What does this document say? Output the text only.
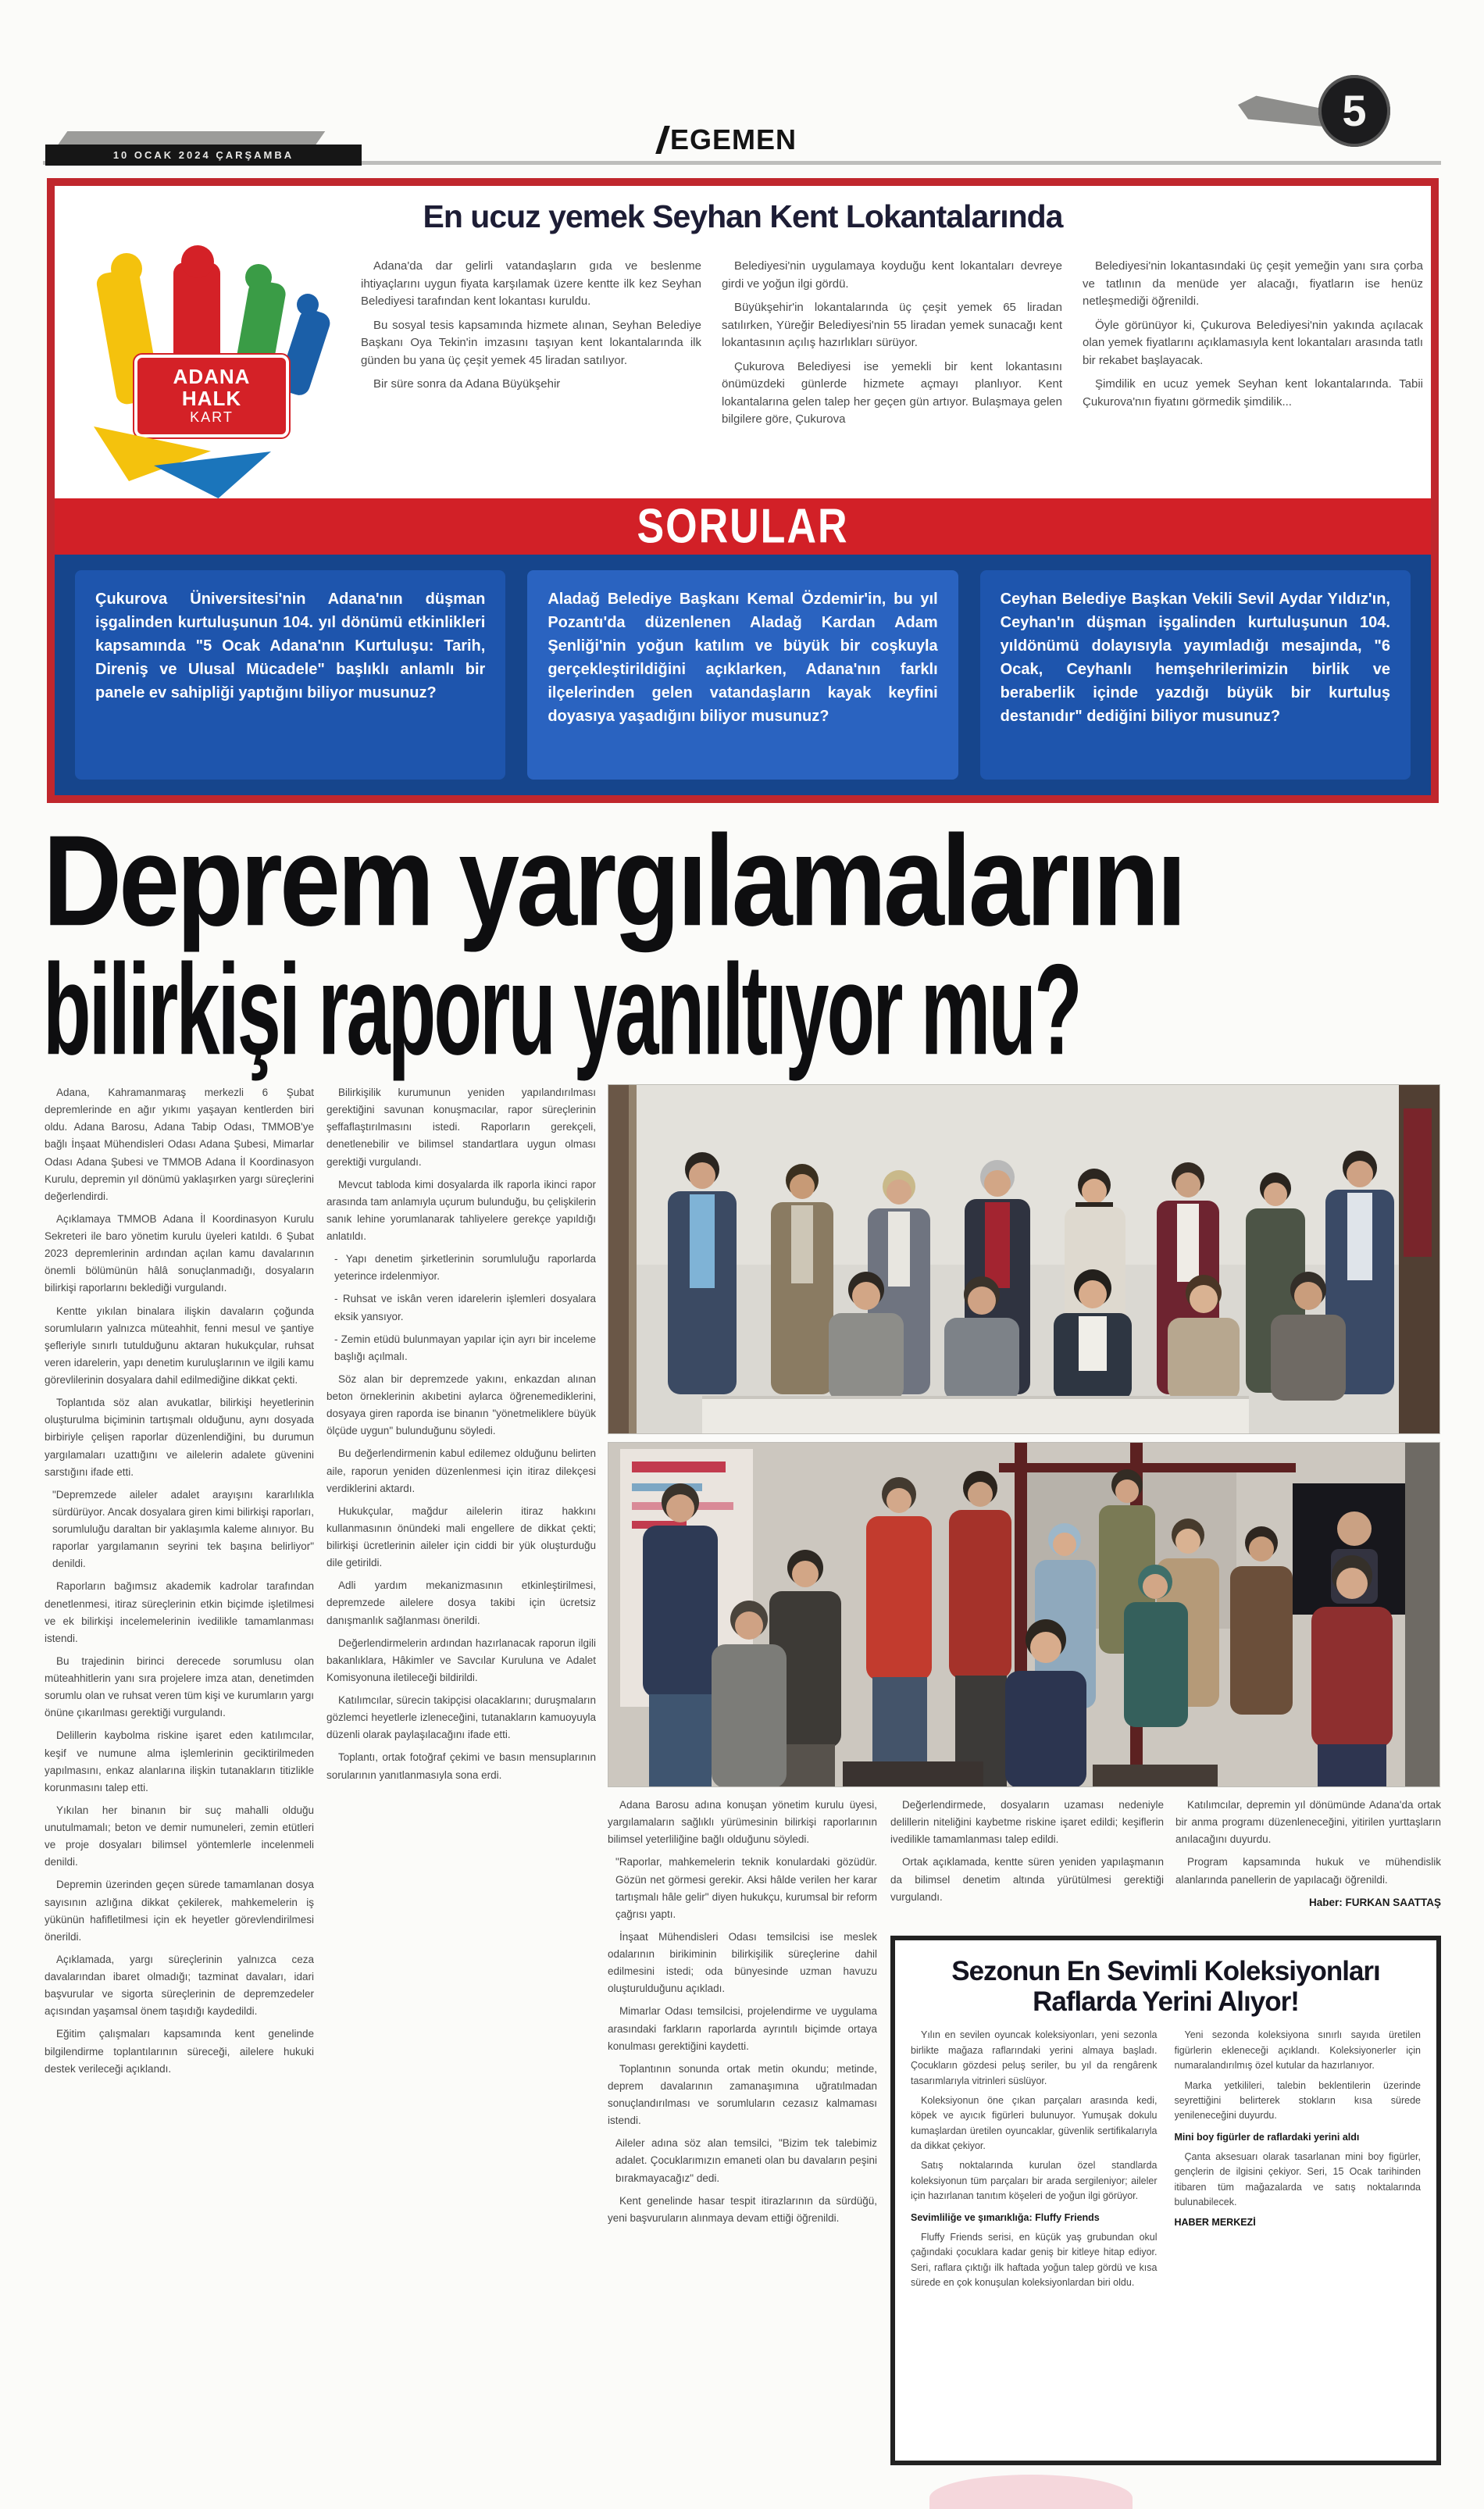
10 OCAK 2024 ÇARŞAMBA	EGEMEN
5
En ucuz yemek Seyhan Kent Lokantalarında
ADANA
HALK
KART

Adana'da dar gelirli vatandaşların gıda ve beslenme ihtiyaçlarını uygun fiyata karşılamak üzere kentte ilk kez Seyhan Belediyesi tarafından kent lokantası kuruldu.

Bu sosyal tesis kapsamında hizmete alınan, Seyhan Belediye Başkanı Oya Tekin'in imzasını taşıyan kent lokantalarında ilk günden bu yana üç çeşit yemek 45 liradan satılıyor.

Bir süre sonra da Adana Büyükşehir

Belediyesi'nin uygulamaya koyduğu kent lokantaları devreye girdi ve yoğun ilgi gördü.

Büyükşehir'in lokantalarında üç çeşit yemek 65 liradan satılırken, Yüreğir Belediyesi'nin 55 liradan yemek sunacağı kent lokantasının açılış hazırlıkları sürüyor.

Çukurova Belediyesi ise yemekli bir kent lokantasını önümüzdeki günlerde hizmete açmayı planlıyor. Kent lokantalarına gelen talep her geçen gün artıyor. Bulaşmaya gelen bilgilere göre, Çukurova

Belediyesi'nin lokantasındaki üç çeşit yemeğin yanı sıra çorba ve tatlının da menüde yer alacağı, fiyatların ise henüz netleşmediği öğrenildi.

Öyle görünüyor ki, Çukurova Belediyesi'nin yakında açılacak olan yemek fiyatlarını açıklamasıyla kent lokantaları arasında tatlı bir rekabet başlayacak.

Şimdilik en ucuz yemek Seyhan kent lokantalarında. Tabii Çukurova'nın fiyatını görmedik şimdilik...

SORULAR
Çukurova Üniversitesi'nin Adana'nın düşman işgalinden kurtuluşunun 104. yıl dönümü etkinlikleri kapsamında "5 Ocak Adana'nın Kurtuluşu: Tarih, Direniş ve Ulusal Mücadele" başlıklı anlamlı bir panele ev sahipliği yaptığını biliyor musunuz?
Aladağ Belediye Başkanı Kemal Özdemir'in, bu yıl Pozantı'da düzenlenen Aladağ Kardan Adam Şenliği'nin yoğun katılım ve büyük bir coşkuyla gerçekleştirildiğini açıklarken, Adana'nın farklı ilçelerinden gelen vatandaşların kayak keyfini doyasıya yaşadığını biliyor musunuz?
Ceyhan Belediye Başkan Vekili Sevil Aydar Yıldız'ın, Ceyhan'ın düşman işgalinden kurtuluşunun 104. yıldönümü dolayısıyla yayımladığı mesajında, "6 Ocak, Ceyhanlı hemşehrilerimizin birlik ve beraberlik içinde yazdığı büyük bir kurtuluş destanıdır" dediğini biliyor musunuz?
Deprem yargılamalarını
bilirkişi raporu yanıltıyor mu?

Adana, Kahramanmaraş merkezli 6 Şubat depremlerinde en ağır yıkımı yaşayan kentlerden biri oldu. Adana Barosu, Adana Tabip Odası, TMMOB'ye bağlı İnşaat Mühendisleri Odası Adana Şubesi, Mimarlar Odası Adana Şubesi ve TMMOB Adana İl Koordinasyon Kurulu, depremin yıl dönümü yaklaşırken yargı süreçlerini değerlendirdi.

Açıklamaya TMMOB Adana İl Koordinasyon Kurulu Sekreteri ile baro yönetim kurulu üyeleri katıldı. 6 Şubat 2023 depremlerinin ardından açılan kamu davalarının önemli bölümünün hâlâ sonuçlanmadığı, dosyaların bilirkişi raporlarını beklediği vurgulandı.

Kentte yıkılan binalara ilişkin davaların çoğunda sorumluların yalnızca müteahhit, fenni mesul ve şantiye şefleriyle sınırlı tutulduğunu aktaran hukukçular, ruhsat veren idarelerin, yapı denetim kuruluşlarının ve ilgili kamu görevlilerinin dosyalara dahil edilmediğine dikkat çekti.

Toplantıda söz alan avukatlar, bilirkişi heyetlerinin oluşturulma biçiminin tartışmalı olduğunu, aynı dosyada birbiriyle çelişen raporlar düzenlendiğini, bu durumun yargılamaları uzattığını ve ailelerin adalete güvenini sarstığını ifade etti.

"Depremzede aileler adalet arayışını kararlılıkla sürdürüyor. Ancak dosyalara giren kimi bilirkişi raporları, sorumluluğu daraltan bir yaklaşımla kaleme alınıyor. Bu raporlar yargılamanın seyrini tek başına belirliyor" denildi.

Raporların bağımsız akademik kadrolar tarafından denetlenmesi, itiraz süreçlerinin etkin biçimde işletilmesi ve ek bilirkişi incelemelerinin ivedilikle tamamlanması istendi.

Bu trajedinin birinci derecede sorumlusu olan müteahhitlerin yanı sıra projelere imza atan, denetimden sorumlu olan ve ruhsat veren tüm kişi ve kurumların yargı önüne çıkarılması gerektiği vurgulandı.

Delillerin kaybolma riskine işaret eden katılımcılar, keşif ve numune alma işlemlerinin geciktirilmeden yapılmasını, enkaz alanlarına ilişkin tutanakların titizlikle korunmasını talep etti.

Yıkılan her binanın bir suç mahalli olduğu unutulmamalı; beton ve demir numuneleri, zemin etütleri ve proje dosyaları bilimsel yöntemlerle incelenmeli denildi.

Depremin üzerinden geçen sürede tamamlanan dosya sayısının azlığına dikkat çekilerek, mahkemelerin iş yükünün hafifletilmesi için ek heyetler görevlendirilmesi önerildi.

Açıklamada, yargı süreçlerinin yalnızca ceza davalarından ibaret olmadığı; tazminat davaları, idari başvurular ve sigorta süreçlerinin de depremzedeler açısından yaşamsal önem taşıdığı kaydedildi.

Eğitim çalışmaları kapsamında kent genelinde bilgilendirme toplantılarının süreceği, ailelere hukuki destek verileceği açıklandı.

Bilirkişilik kurumunun yeniden yapılandırılması gerektiğini savunan konuşmacılar, rapor süreçlerinin şeffaflaştırılmasını istedi. Raporların gerekçeli, denetlenebilir ve bilimsel standartlara uygun olması gerektiği vurgulandı.

Mevcut tabloda kimi dosyalarda ilk raporla ikinci rapor arasında tam anlamıyla uçurum bulunduğu, bu çelişkilerin sanık lehine yorumlanarak tahliyelere gerekçe yapıldığı anlatıldı.

- Yapı denetim şirketlerinin sorumluluğu raporlarda yeterince irdelenmiyor.

- Ruhsat ve iskân veren idarelerin işlemleri dosyalara eksik yansıyor.

- Zemin etüdü bulunmayan yapılar için ayrı bir inceleme başlığı açılmalı.

Söz alan bir depremzede yakını, enkazdan alınan beton örneklerinin akıbetini aylarca öğrenemediklerini, dosyaya giren raporda ise binanın "yönetmeliklere büyük ölçüde uygun" bulunduğunu söyledi.

Bu değerlendirmenin kabul edilemez olduğunu belirten aile, raporun yeniden düzenlenmesi için itiraz dilekçesi verdiklerini aktardı.

Hukukçular, mağdur ailelerin itiraz hakkını kullanmasının önündeki mali engellere de dikkat çekti; bilirkişi ücretlerinin aileler için ciddi bir yük oluşturduğu dile getirildi.

Adli yardım mekanizmasının etkinleştirilmesi, depremzede ailelere dosya takibi için ücretsiz danışmanlık sağlanması önerildi.

Değerlendirmelerin ardından hazırlanacak raporun ilgili bakanlıklara, Hâkimler ve Savcılar Kuruluna ve Adalet Komisyonuna iletileceği bildirildi.

Katılımcılar, sürecin takipçisi olacaklarını; duruşmaların gözlemci heyetlerle izleneceğini, tutanakların kamuoyuyla düzenli olarak paylaşılacağını ifade etti.

Toplantı, ortak fotoğraf çekimi ve basın mensuplarının sorularının yanıtlanmasıyla sona erdi.

Adana Barosu adına konuşan yönetim kurulu üyesi, yargılamaların sağlıklı yürümesinin bilirkişi raporlarının bilimsel yeterliliğine bağlı olduğunu söyledi.

"Raporlar, mahkemelerin teknik konulardaki gözüdür. Gözün net görmesi gerekir. Aksi hâlde verilen her karar tartışmalı hâle gelir" diyen hukukçu, kurumsal bir reform çağrısı yaptı.

İnşaat Mühendisleri Odası temsilcisi ise meslek odalarının birikiminin bilirkişilik süreçlerine dahil edilmesini istedi; oda bünyesinde uzman havuzu oluşturulduğunu açıkladı.

Mimarlar Odası temsilcisi, projelendirme ve uygulama arasındaki farkların raporlarda ayrıntılı biçimde ortaya konulması gerektiğini kaydetti.

Toplantının sonunda ortak metin okundu; metinde, deprem davalarının zamanaşımına uğratılmadan sonuçlandırılması ve sorumluların cezasız kalmaması istendi.

Aileler adına söz alan temsilci, "Bizim tek talebimiz adalet. Çocuklarımızın emaneti olan bu davaların peşini bırakmayacağız" dedi.

Kent genelinde hasar tespit itirazlarının da sürdüğü, yeni başvuruların alınmaya devam ettiği öğrenildi.

Değerlendirmede, dosyaların uzaması nedeniyle delillerin niteliğini kaybetme riskine işaret edildi; keşiflerin ivedilikle tamamlanması talep edildi.

Ortak açıklamada, kentte süren yeniden yapılaşmanın da bilimsel denetim altında yürütülmesi gerektiği vurgulandı.

Katılımcılar, depremin yıl dönümünde Adana'da ortak bir anma programı düzenleneceğini, yitirilen yurttaşların anılacağını duyurdu.

Program kapsamında hukuk ve mühendislik alanlarında panellerin de yapılacağı öğrenildi.

Haber: FURKAN SAATTAŞ

Sezonun En Sevimli Koleksiyonları Raflarda Yerini Alıyor!

Yılın en sevilen oyuncak koleksiyonları, yeni sezonla birlikte mağaza raflarındaki yerini almaya başladı. Çocukların gözdesi peluş seriler, bu yıl da rengârenk tasarımlarıyla vitrinleri süslüyor.

Koleksiyonun öne çıkan parçaları arasında kedi, köpek ve ayıcık figürleri bulunuyor. Yumuşak dokulu kumaşlardan üretilen oyuncaklar, güvenlik sertifikalarıyla da dikkat çekiyor.

Satış noktalarında kurulan özel standlarda koleksiyonun tüm parçaları bir arada sergileniyor; aileler için hazırlanan tanıtım köşeleri de yoğun ilgi görüyor.

Sevimliliğe ve şımarıklığa: Fluffy Friends

Fluffy Friends serisi, en küçük yaş grubundan okul çağındaki çocuklara kadar geniş bir kitleye hitap ediyor. Seri, raflara çıktığı ilk haftada yoğun talep gördü ve kısa sürede en çok konuşulan koleksiyonlardan biri oldu.

Yeni sezonda koleksiyona sınırlı sayıda üretilen figürlerin ekleneceği açıklandı. Koleksiyonerler için numaralandırılmış özel kutular da hazırlanıyor.

Marka yetkilileri, talebin beklentilerin üzerinde seyrettiğini belirterek stokların kısa sürede yenileneceğini duyurdu.

Mini boy figürler de raflardaki yerini aldı

Çanta aksesuarı olarak tasarlanan mini boy figürler, gençlerin de ilgisini çekiyor. Seri, 15 Ocak tarihinden itibaren tüm mağazalarda ve satış noktalarında bulunabilecek.

HABER MERKEZİ
